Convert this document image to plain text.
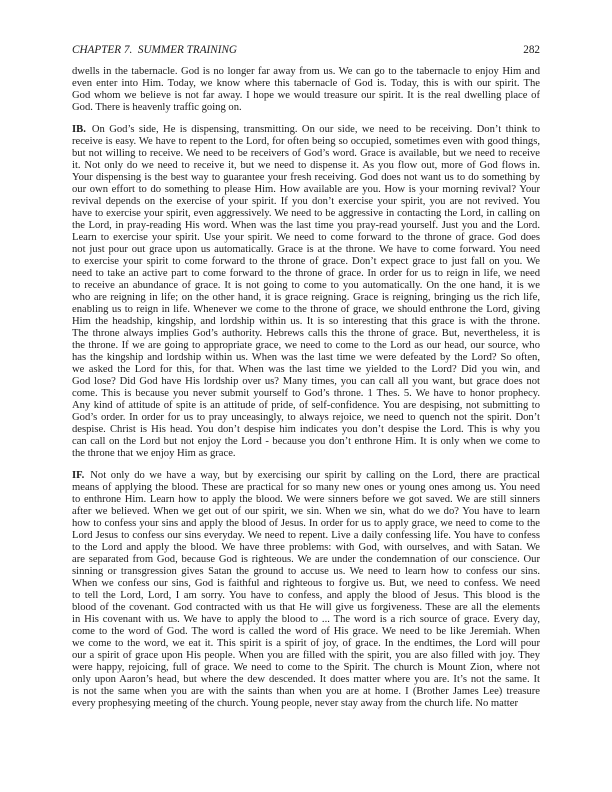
CHAPTER 7.  SUMMER TRAINING	282
dwells in the tabernacle. God is no longer far away from us. We can go to the tabernacle to enjoy Him and
even enter into Him. Today, we know where this tabernacle of God is. Today, this is with our spirit. The
God whom we believe is not far away. I hope we would treasure our spirit. It is the real dwelling place of
God. There is heavenly traffic going on.
IB. On God’s side, He is dispensing, transmitting. On our side, we need to be receiving. Don’t think to
receive is easy. We have to repent to the Lord, for often being so occupied, sometimes even with good things,
but not willing to receive. We need to be receivers of God’s word. Grace is available, but we need to receive
it. Not only do we need to receive it, but we need to dispense it. As you flow out, more of God flows in.
Your dispensing is the best way to guarantee your fresh receiving. God does not want us to do something by
our own effort to do something to please Him. How available are you. How is your morning revival? Your
revival depends on the exercise of your spirit. If you don’t exercise your spirit, you are not revived. You
have to exercise your spirit, even aggressively. We need to be aggressive in contacting the Lord, in calling on
the Lord, in pray-reading His word. When was the last time you pray-read yourself. Just you and the Lord.
Learn to exercise your spirit. Use your spirit. We need to come forward to the throne of grace. God does
not just pour out grace upon us automatically. Grace is at the throne. We have to come forward. You need
to exercise your spirit to come forward to the throne of grace. Don’t expect grace to just fall on you. We
need to take an active part to come forward to the throne of grace. In order for us to reign in life, we need
to receive an abundance of grace. It is not going to come to you automatically. On the one hand, it is we
who are reigning in life; on the other hand, it is grace reigning. Grace is reigning, bringing us the rich life,
enabling us to reign in life. Whenever we come to the throne of grace, we should enthrone the Lord, giving
Him the headship, kingship, and lordship within us. It is so interesting that this grace is with the throne.
The throne always implies God’s authority. Hebrews calls this the throne of grace. But, nevertheless, it is
the throne. If we are going to appropriate grace, we need to come to the Lord as our head, our source, who
has the kingship and lordship within us. When was the last time we were defeated by the Lord? So often,
we asked the Lord for this, for that. When was the last time we yielded to the Lord? Did you win, and
God lose? Did God have His lordship over us? Many times, you can call all you want, but grace does not
come. This is because you never submit yourself to God’s throne. 1 Thes. 5. We have to honor prophecy.
Any kind of attitude of spite is an attitude of pride, of self-confidence. You are despising, not submitting to
God’s order. In order for us to pray unceasingly, to always rejoice, we need to quench not the spirit. Don’t
despise. Christ is His head. You don’t despise him indicates you don’t despise the Lord. This is why you
can call on the Lord but not enjoy the Lord - because you don’t enthrone Him. It is only when we come to
the throne that we enjoy Him as grace.
IF. Not only do we have a way, but by exercising our spirit by calling on the Lord, there are practical
means of applying the blood. These are practical for so many new ones or young ones among us. You need
to enthrone Him. Learn how to apply the blood. We were sinners before we got saved. We are still sinners
after we believed. When we get out of our spirit, we sin. When we sin, what do we do? You have to learn
how to confess your sins and apply the blood of Jesus. In order for us to apply grace, we need to come to the
Lord Jesus to confess our sins everyday. We need to repent. Live a daily confessing life. You have to confess
to the Lord and apply the blood. We have three problems: with God, with ourselves, and with Satan. We
are separated from God, because God is righteous. We are under the condemnation of our conscience. Our
sinning or transgression gives Satan the ground to accuse us. We need to learn how to confess our sins.
When we confess our sins, God is faithful and righteous to forgive us. But, we need to confess. We need
to tell the Lord, Lord, I am sorry. You have to confess, and apply the blood of Jesus. This blood is the
blood of the covenant. God contracted with us that He will give us forgiveness. These are all the elements
in His covenant with us. We have to apply the blood to ... The word is a rich source of grace. Every day,
come to the word of God. The word is called the word of His grace. We need to be like Jeremiah. When
we come to the word, we eat it. This spirit is a spirit of joy, of grace. In the endtimes, the Lord will pour
our a spirit of grace upon His people. When you are filled with the spirit, you are also filled with joy. They
were happy, rejoicing, full of grace. We need to come to the Spirit. The church is Mount Zion, where not
only upon Aaron’s head, but where the dew descended. It does matter where you are. It’s not the same. It
is not the same when you are with the saints than when you are at home. I (Brother James Lee) treasure
every prophesying meeting of the church. Young people, never stay away from the church life. No matter
